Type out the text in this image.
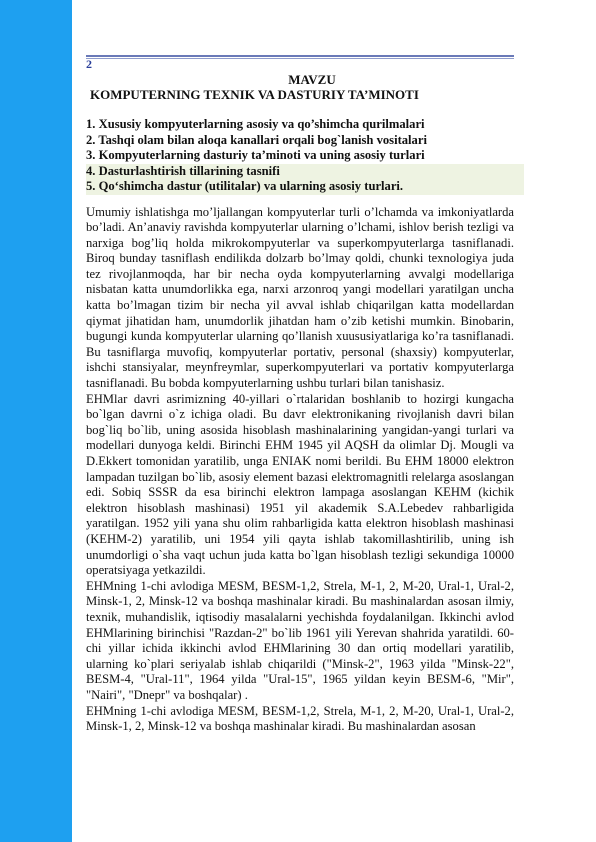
2
MAVZU
KOMPUTERNING TEXNIK VA DASTURIY TA’MINOTI
1. Xususiy kompyuterlarning asosiy va qo’shimcha qurilmalari
2. Tashqi olam bilan aloqa kanallari orqali bog`lanish vositalari
3. Kompyuterlarning dasturiy ta’minoti va uning asosiy turlari
4. Dasturlashtirish tillarining tasnifi
5. Qo‘shimcha dastur (utilitalar) va ularning asosiy turlari.

Umumiy ishlatishga mo’ljallangan kompyuterlar turli o’lchamda va imkoniyatlarda bo’ladi. An’anaviy ravishda kompyuterlar ularning o’lchami, ishlov berish tezligi va narxiga bog’liq holda mikrokompyuterlar va superkompyuterlarga tasniflanadi. Biroq bunday tasniflash endilikda dolzarb bo’lmay qoldi, chunki texnologiya juda tez rivojlanmoqda, har bir necha oyda kompyuterlarning avvalgi modellariga nisbatan katta unumdorlikka ega, narxi arzonroq yangi modellari yaratilgan uncha katta bo’lmagan tizim bir necha yil avval ishlab chiqarilgan katta modellardan qiymat jihatidan ham, unumdorlik jihatdan ham o’zib ketishi mumkin. Binobarin, bugungi kunda kompyuterlar ularning qo’llanish xuususiyatlariga ko’ra tasniflanadi. Bu tasniflarga muvofiq, kompyuterlar portativ, personal (shaxsiy) kompyuterlar, ishchi stansiyalar, meynfreymlar, superkompyuterlari va portativ kompyuterlarga tasniflanadi. Bu bobda kompyuterlarning ushbu turlari bilan tanishasiz.

EHMlar davri asrimizning 40-yillari o`rtalaridan boshlanib to hozirgi kungacha bo`lgan davrni o`z ichiga oladi. Bu davr elektronikaning rivojlanish davri bilan bog`liq bo`lib, uning asosida hisoblash mashinalarining yangidan-yangi turlari va modellari dunyoga keldi. Birinchi EHM 1945 yil AQSH da olimlar Dj. Mougli va D.Ekkert tomonidan yaratilib, unga ENIAK nomi berildi. Bu EHM 18000 elektron lampadan tuzilgan bo`lib, asosiy element bazasi elektromagnitli relelarga asoslangan edi. Sobiq SSSR da esa birinchi elektron lampaga asoslangan KEHM (kichik elektron hisoblash mashinasi) 1951 yil akademik S.A.Lebedev rahbarligida yaratilgan. 1952 yili yana shu olim rahbarligida katta elektron hisoblash mashinasi (KEHM-2) yaratilib, uni 1954 yili qayta ishlab takomillashtirilib, uning ish unumdorligi o`sha vaqt uchun juda katta bo`lgan hisoblash tezligi sekundiga 10000 operatsiyaga yetkazildi.

EHMning 1-chi avlodiga MESM, BESM-1,2, Strela, M-1, 2, M-20, Ural-1, Ural-2, Minsk-1, 2, Minsk-12 va boshqa mashinalar kiradi. Bu mashinalardan asosan ilmiy, texnik, muhandislik, iqtisodiy masalalarni yechishda foydalanilgan. Ikkinchi avlod EHMlarining birinchisi "Razdan-2" bo`lib 1961 yili Yerevan shahrida yaratildi. 60-chi yillar ichida ikkinchi avlod EHMlarining 30 dan ortiq modellari yaratilib, ularning ko`plari seriyalab ishlab chiqarildi ("Minsk-2", 1963 yilda "Minsk-22", BESM-4, "Ural-11", 1964 yilda "Ural-15", 1965 yildan keyin BESM-6, "Mir", "Nairi", "Dnepr" va boshqalar) .

EHMning 1-chi avlodiga MESM, BESM-1,2, Strela, M-1, 2, M-20, Ural-1, Ural-2, Minsk-1, 2, Minsk-12 va boshqa mashinalar kiradi. Bu mashinalardan asosan
